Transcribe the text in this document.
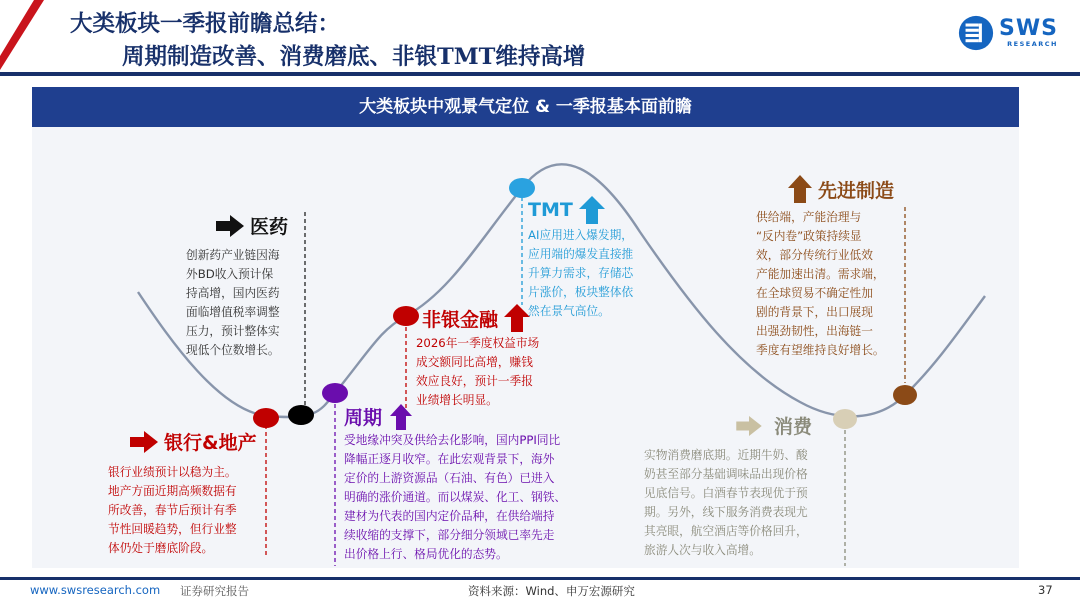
大类板块一季报前瞻总结：
周期制造改善、消费磨底、非银TMT维持高增
SWS
RESEARCH
大类板块中观景气定位 & 一季报基本面前瞻
医药
创新药产业链因海
外BD收入预计保
持高增，国内医药
面临增值税率调整
压力，预计整体实
现低个位数增长。
银行&地产
银行业绩预计以稳为主。
地产方面近期高频数据有
所改善，春节后预计有季
节性回暖趋势，但行业整
体仍处于磨底阶段。
周期
受地缘冲突及供给去化影响，国内PPI同比
降幅正逐月收窄。在此宏观背景下，海外
定价的上游资源品（石油、有色）已进入
明确的涨价通道。而以煤炭、化工、钢铁、
建材为代表的国内定价品种，在供给端持
续收缩的支撑下，部分细分领域已率先走
出价格上行、格局优化的态势。
非银金融
2026年一季度权益市场
成交额同比高增，赚钱
效应良好，预计一季报
业绩增长明显。
TMT
AI应用进入爆发期，
应用端的爆发直接推
升算力需求，存储芯
片涨价，板块整体依
然在景气高位。
先进制造
供给端，产能治理与
“反内卷”政策持续显
效，部分传统行业低效
产能加速出清。需求端，
在全球贸易不确定性加
剧的背景下，出口展现
出强劲韧性，出海链一
季度有望维持良好增长。
消费
实物消费磨底期。近期牛奶、酸
奶甚至部分基础调味品出现价格
见底信号。白酒春节表现优于预
期。另外，线下服务消费表现尤
其亮眼，航空酒店等价格回升，
旅游人次与收入高增。
www.swsresearch.com 证券研究报告	资料来源：Wind、申万宏源研究	37
